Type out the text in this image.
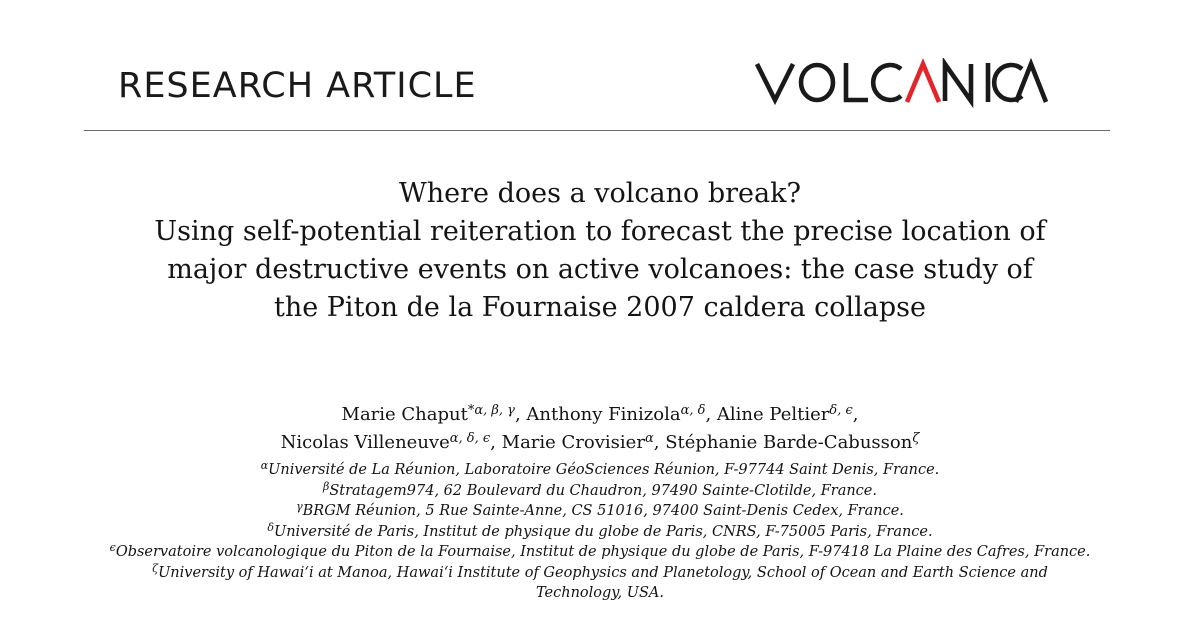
RESEARCH ARTICLE
Where does a volcano break?
Using self-potential reiteration to forecast the precise location of
major destructive events on active volcanoes: the case study of
the Piton de la Fournaise 2007 caldera collapse
Marie Chaput$^{*\alpha, \beta, \gamma}$, Anthony Finizola$^{\alpha, \delta}$, Aline Peltier$^{\delta, \epsilon}$,
Nicolas Villeneuve$^{\alpha, \delta, \epsilon}$, Marie Crovisier$^\alpha$, Stéphanie Barde-Cabusson$^\zeta$
$^\alpha$Université de La Réunion, Laboratoire GéoSciences Réunion, F-97744 Saint Denis, France.
$^\beta$Stratagem974, 62 Boulevard du Chaudron, 97490 Sainte-Clotilde, France.
$^\gamma$BRGM Réunion, 5 Rue Sainte-Anne, CS 51016, 97400 Saint-Denis Cedex, France.
$^\delta$Université de Paris, Institut de physique du globe de Paris, CNRS, F-75005 Paris, France.
$^\epsilon$Observatoire volcanologique du Piton de la Fournaise, Institut de physique du globe de Paris, F-97418 La Plaine des Cafres, France.
$^\zeta$University of Hawai‘i at Manoa, Hawai‘i Institute of Geophysics and Planetology, School of Ocean and Earth Science and
Technology, USA.
